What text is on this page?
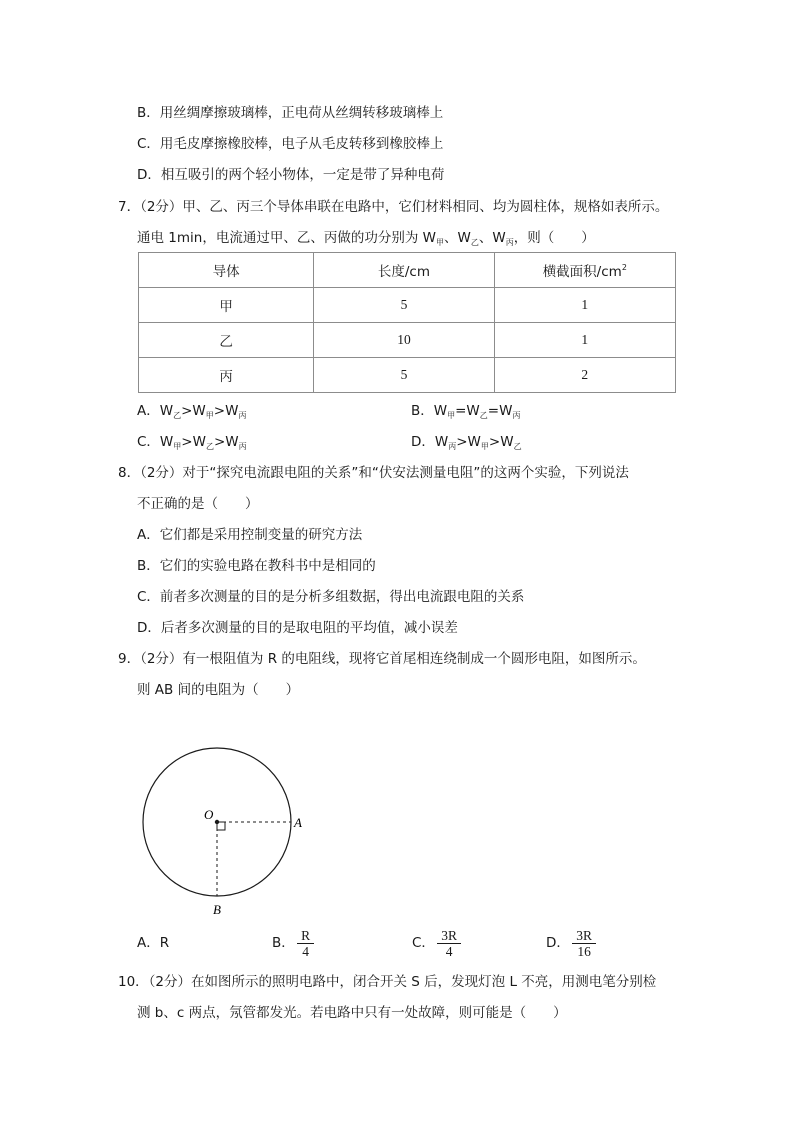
B．用丝绸摩擦玻璃棒，正电荷从丝绸转移玻璃棒上
C．用毛皮摩擦橡胶棒，电子从毛皮转移到橡胶棒上
D．相互吸引的两个轻小物体，一定是带了异种电荷
7．（2分）甲、乙、丙三个导体串联在电路中，它们材料相同、均为圆柱体，规格如表所示。
通电 1min，电流通过甲、乙、丙做的功分别为 $W_甲$、$W_乙$、$W_丙$，则（　　）
导体	长度/cm	横截面积$/cm^2$
甲	5	1
乙	10	1
丙	5	2
A．$W_乙>W_甲>W_丙$	B．$W_甲=W_乙=W_丙$
C．$W_甲>W_乙>W_丙$	D．$W_丙>W_甲>W_乙$
8．（2分）对于“探究电流跟电阻的关系”和“伏安法测量电阻”的这两个实验，下列说法
不正确的是（　　）
A．它们都是采用控制变量的研究方法
B．它们的实验电路在教科书中是相同的
C．前者多次测量的目的是分析多组数据，得出电流跟电阻的关系
D．后者多次测量的目的是取电阻的平均值，减小误差
9．（2分）有一根阻值为 R 的电阻线，现将它首尾相连绕制成一个圆形电阻，如图所示。
则 AB 间的电阻为（　　）
O
A
B
A．R	B． $\frac{R}{4}$	C． $\frac{3R}{4}$	D． $\frac{3R}{16}$
10．（2分）在如图所示的照明电路中，闭合开关 S 后，发现灯泡 L 不亮，用测电笔分别检
测 b、c 两点，氖管都发光。若电路中只有一处故障，则可能是（　　）
